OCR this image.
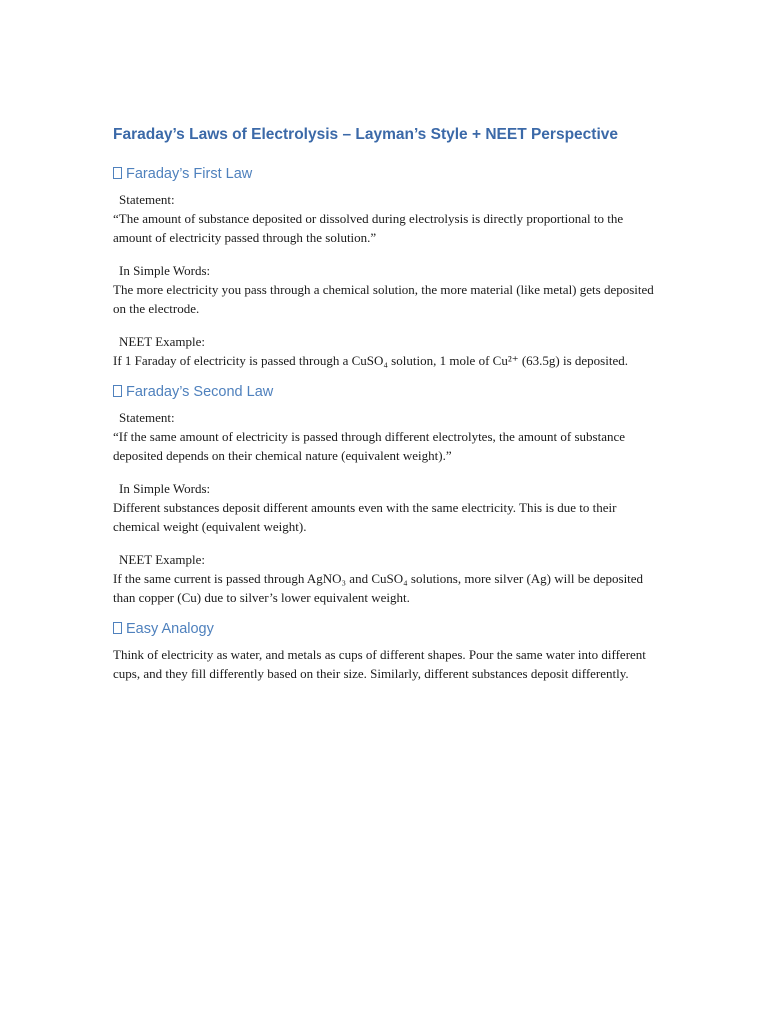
Faraday’s Laws of Electrolysis – Layman’s Style + NEET Perspective
Faraday’s First Law
Statement:

“The amount of substance deposited or dissolved during electrolysis is directly proportional to the amount of electricity passed through the solution.”

In Simple Words:

The more electricity you pass through a chemical solution, the more material (like metal) gets deposited on the electrode.

NEET Example:

If 1 Faraday of electricity is passed through a CuSO₄ solution, 1 mole of Cu²⁺ (63.5g) is deposited.

Faraday’s Second Law
Statement:

“If the same amount of electricity is passed through different electrolytes, the amount of substance deposited depends on their chemical nature (equivalent weight).”

In Simple Words:

Different substances deposit different amounts even with the same electricity. This is due to their chemical weight (equivalent weight).

NEET Example:

If the same current is passed through AgNO₃ and CuSO₄ solutions, more silver (Ag) will be deposited than copper (Cu) due to silver’s lower equivalent weight.

Easy Analogy

Think of electricity as water, and metals as cups of different shapes. Pour the same water into different cups, and they fill differently based on their size. Similarly, different substances deposit differently.
